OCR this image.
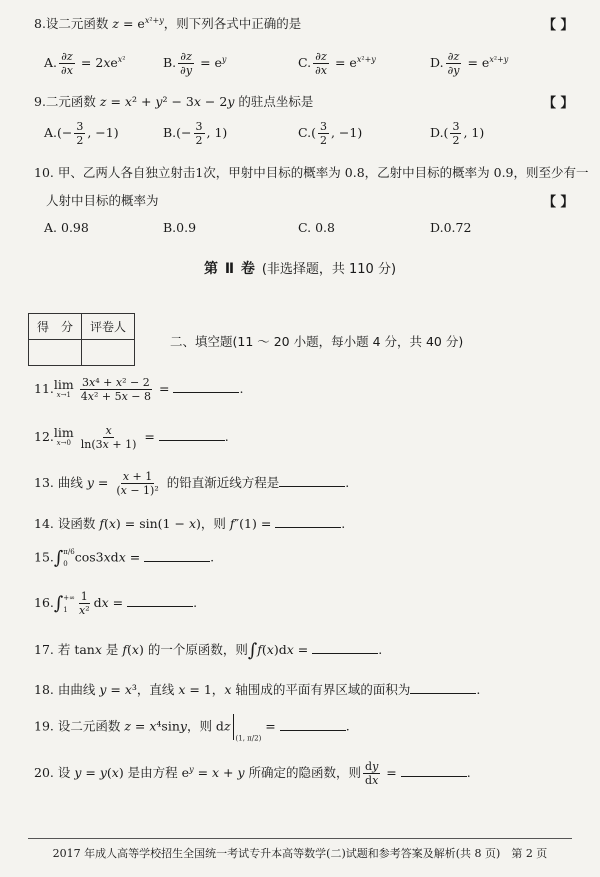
8.设二元函数 $z = e^{x^2+y}$，则下列各式中正确的是	【 】
A. $\frac{\partial z}{\partial x} = 2xe^{x^2}$	B. $\frac{\partial z}{\partial y} = e^y$	C. $\frac{\partial z}{\partial x} = e^{x^2+y}$	D. $\frac{\partial z}{\partial y} = e^{x^2+y}$
9.二元函数 z = x² + y² − 3x − 2y 的驻点坐标是	【 】
$A.(- \frac{3}{2}$ , −1)	$B.(- \frac{3}{2}$ , 1)	$C.( \frac{3}{2}$ , −1)	$D.( \frac{3}{2}$ , 1)
10. 甲、乙两人各自独立射击1次，甲射中目标的概率为 0.8，乙射中目标的概率为 0.9，则至少有一
人射中目标的概率为	【 】
A. 0.98	B.0.9	C. 0.8	D.0.72
第 Ⅱ 卷 (非选择题，共 110 分)
得　分	评卷人

二、填空题(11 ～ 20 小题，每小题 4 分，共 40 分)
11. lim
$x\to 1 \frac{\text{3x⁴ + x² − 2}}{\text{4x² + 5x − 8}}$ =	.
12. lim
$x\to 0 \frac{x}{\ln(3x + 1)}$ =	.
13. 曲线 $y = \frac{x + 1}{\text{(x − 1)²}}$ 的铅直渐近线方程是	.
14. 设函数 f(x) = sin(1 − x)，则 f″(1) =	.
15.∫ π/6
0 cos3xdx =	.
16.∫ +∞
$1 \frac{1}{\text{x²}}$ dx =	.
17. 若 tanx 是 f(x) 的一个原函数，则∫f(x)dx =	.
18. 由曲线 y = x³，直线 x = 1，x 轴围成的平面有界区域的面积为	.
19. 设二元函数 z = x⁴siny，则 $dz_{(1, \pi/2)}$ =	.
20. 设 y = y(x) 是由方程 $e^y = x + y$ 所确定的隐函数，则 $\frac{dy}{dx}$ =	.
2017 年成人高等学校招生全国统一考试专升本高等数学(二)试题和参考答案及解析(共 8 页)　第 2 页
